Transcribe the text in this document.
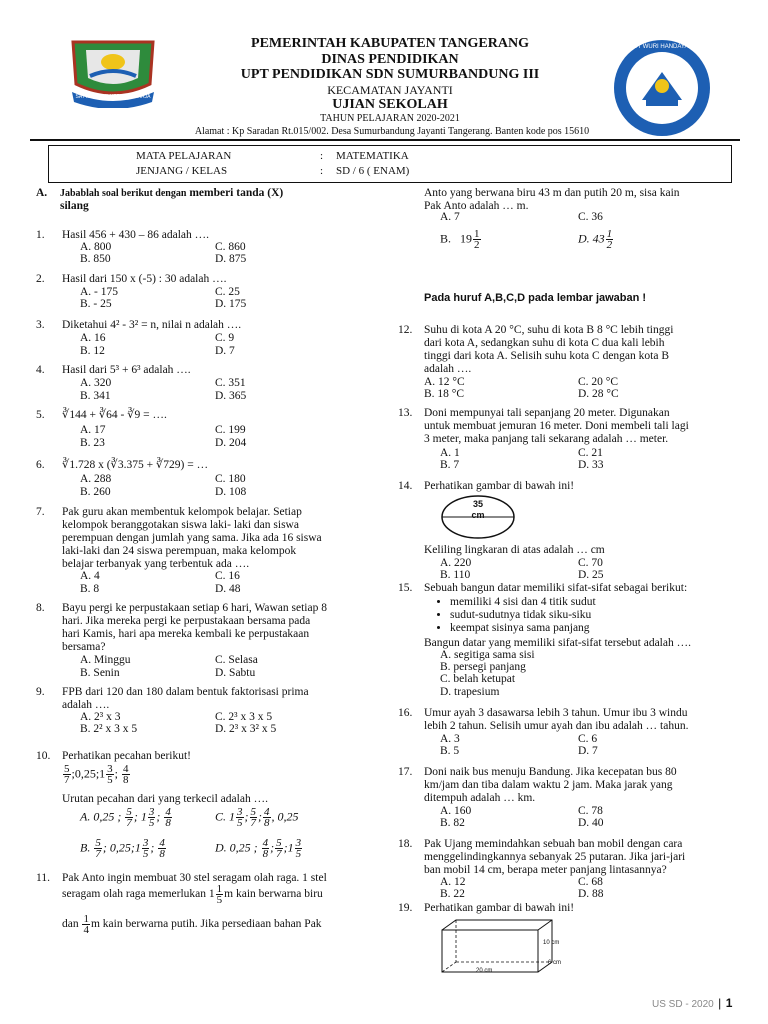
SATYA KARYA KERTA RAHARJA
TUT WURI HANDAYANI
PEMERINTAH KABUPATEN TANGERANG
DINAS PENDIDIKAN
UPT PENDIDIKAN SDN SUMURBANDUNG III
KECAMATAN JAYANTI
UJIAN SEKOLAH
TAHUN PELAJARAN 2020-2021
Alamat : Kp Saradan Rt.015/002. Desa Sumurbandung Jayanti Tangerang. Banten kode pos 15610
MATA PELAJARAN	: MATEMATIKA
JENJANG / KELAS	: SD / 6 ( ENAM)
A. Jabablah soal berikut dengan memberi tanda (X)
silang
1. Hasil 456 + 430 – 86 adalah ….
A. 800
B. 850
C. 860
D. 875
2. Hasil dari 150 x (-5) : 30 adalah ….
A. - 175
B. - 25
C. 25
D. 175
3. Diketahui 4² - 3² = n, nilai n adalah ….
A. 16
B. 12
C. 9
D. 7
4. Hasil dari 5³ + 6³ adalah ….
A. 320
B. 341
C. 351
D. 365
5. ∛144 + ∛64 - ∛9 = ….
A. 17
B. 23
C. 199
D. 204
6. ∛1.728 x (∛3.375 + ∛729) = …
A. 288
B. 260
C. 180
D. 108
7. Pak guru akan membentuk kelompok belajar. Setiap
kelompok beranggotakan siswa laki- laki dan siswa
perempuan dengan jumlah yang sama. Jika ada 16 siswa
laki-laki dan 24 siswa perempuan, maka kelompok
belajar terbanyak yang terbentuk ada ….
A. 4
B. 8
C. 16
D. 48
8. Bayu pergi ke perpustakaan setiap 6 hari, Wawan setiap 8
hari. Jika mereka pergi ke perpustakaan bersama pada
hari Kamis, hari apa mereka kembali ke perpustakaan
bersama?
A. Minggu
B. Senin
C. Selasa
D. Sabtu
9. FPB dari 120 dan 180 dalam bentuk faktorisasi prima
adalah ….
A. 2³ x 3
B. 2² x 3 x 5
C. 2³ x 3 x 5
D. 2³ x 3² x 5
10. Perhatikan pecahan berikut!
$\frac{5}{7}$ ;0,25;1 $\frac{3}{5}$ ; $\frac{4}{8}$
Urutan pecahan dari yang terkecil adalah ….
A. 0,25 ; $\frac{5}{7}$ ; $1 \frac{3}{5}$ ; $\frac{4}{8}$	C. $1 \frac{3}{5}$ ; $\frac{5}{7}$ ; $\frac{4}{8}$ , 0,25
B. $\frac{5}{7}$ ; 0,25;1 $\frac{3}{5}$ ; $\frac{4}{8}$	D. 0,25 ; $\frac{4}{8}$ ; $\frac{5}{7}$ ;1 $\frac{3}{5}$
11. Pak Anto ingin membuat 30 stel seragam olah raga. 1 stel
seragam olah raga memerlukan $1 \frac{1}{5}$ m kain berwarna biru
dan $\frac{1}{4}$ m kain berwarna putih. Jika persediaan bahan Pak
Anto yang berwana biru 43 m dan putih 20 m, sisa kain
Pak Anto adalah … m.
A. 7	C. 36
B.   $19 \frac{1}{2}$	D. $43 \frac{1}{2}$
Pada huruf A,B,C,D pada lembar jawaban !
12. Suhu di kota A 20 °C, suhu di kota B 8 °C lebih tinggi
dari kota A, sedangkan suhu di kota C dua kali lebih
tinggi dari kota A. Selisih suhu kota C dengan kota B
adalah ….
A. 12 °C
B. 18 °C
C. 20 °C
D. 28 °C
13. Doni mempunyai tali sepanjang 20 meter. Digunakan
untuk membuat jemuran 16 meter. Doni membeli tali lagi
3 meter, maka panjang tali sekarang adalah … meter.
A. 1
B. 7
C. 21
D. 33
14. Perhatikan gambar di bawah ini!
35 cm
Keliling lingkaran di atas adalah … cm
A. 220
B. 110
C. 70
D. 25
15. Sebuah bangun datar memiliki sifat-sifat sebagai berikut:
• memiliki 4 sisi dan 4 titik sudut
• sudut-sudutnya tidak siku-siku
• keempat sisinya sama panjang
Bangun datar yang memiliki sifat-sifat tersebut adalah ….
A. segitiga sama sisi
B. persegi panjang
C. belah ketupat
D. trapesium
16. Umur ayah 3 dasawarsa lebih 3 tahun. Umur ibu 3 windu
lebih 2 tahun. Selisih umur ayah dan ibu adalah … tahun.
A. 3
B. 5
C. 6
D. 7
17. Doni naik bus menuju Bandung. Jika kecepatan bus 80
km/jam dan tiba dalam waktu 2 jam. Maka jarak yang
ditempuh adalah … km.
A. 160
B. 82
C. 78
D. 40
18. Pak Ujang memindahkan sebuah ban mobil dengan cara
menggelindingkannya sebanyak 25 putaran. Jika jari-jari
ban mobil 14 cm, berapa meter panjang lintasannya?
A. 12
B. 22
C. 68
D. 88
19. Perhatikan gambar di bawah ini!
20 cm
6 cm
10 cm
US SD - 2020 | 1
